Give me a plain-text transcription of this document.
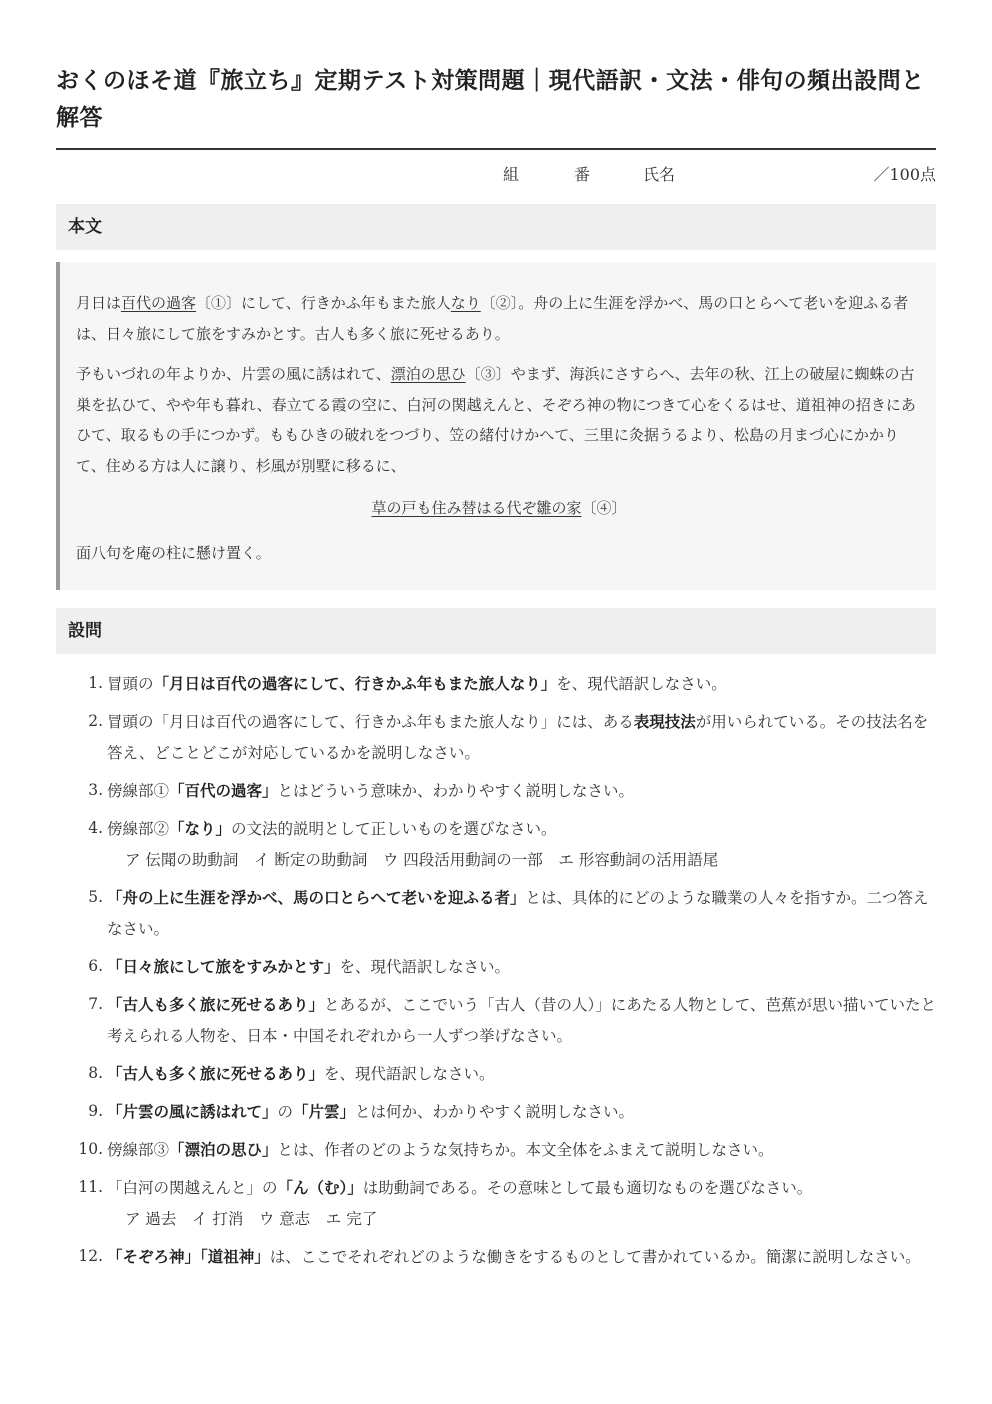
おくのほそ道『旅立ち』定期テスト対策問題｜現代語訳・文法・俳句の頻出設問と解答
組	番	氏名	／100点
本文

月日は百代の過客〔①〕にして、行きかふ年もまた旅人なり〔②〕。舟の上に生涯を浮かべ、馬の口とらへて老いを迎ふる者は、日々旅にして旅をすみかとす。古人も多く旅に死せるあり。

予もいづれの年よりか、片雲の風に誘はれて、漂泊の思ひ〔③〕やまず、海浜にさすらへ、去年の秋、江上の破屋に蜘蛛の古巣を払ひて、やや年も暮れ、春立てる霞の空に、白河の関越えんと、そぞろ神の物につきて心をくるはせ、道祖神の招きにあひて、取るもの手につかず。ももひきの破れをつづり、笠の緒付けかへて、三里に灸据うるより、松島の月まづ心にかかりて、住める方は人に譲り、杉風が別墅に移るに、

草の戸も住み替はる代ぞ雛の家〔④〕

面八句を庵の柱に懸け置く。

設問
1. 冒頭の「月日は百代の過客にして、行きかふ年もまた旅人なり」を、現代語訳しなさい。
2. 冒頭の「月日は百代の過客にして、行きかふ年もまた旅人なり」には、ある表現技法が用いられている。その技法名を答え、どことどこが対応しているかを説明しなさい。
3. 傍線部①「百代の過客」とはどういう意味か、わかりやすく説明しなさい。
4. 傍線部②「なり」の文法的説明として正しいものを選びなさい。
ア 伝聞の助動詞　イ 断定の助動詞　ウ 四段活用動詞の一部　エ 形容動詞の活用語尾
5. 「舟の上に生涯を浮かべ、馬の口とらへて老いを迎ふる者」とは、具体的にどのような職業の人々を指すか。二つ答えなさい。
6. 「日々旅にして旅をすみかとす」を、現代語訳しなさい。
7. 「古人も多く旅に死せるあり」とあるが、ここでいう「古人（昔の人）」にあたる人物として、芭蕉が思い描いていたと考えられる人物を、日本・中国それぞれから一人ずつ挙げなさい。
8. 「古人も多く旅に死せるあり」を、現代語訳しなさい。
9. 「片雲の風に誘はれて」の「片雲」とは何か、わかりやすく説明しなさい。
10. 傍線部③「漂泊の思ひ」とは、作者のどのような気持ちか。本文全体をふまえて説明しなさい。
11. 「白河の関越えんと」の「ん（む）」は助動詞である。その意味として最も適切なものを選びなさい。
ア 過去　イ 打消　ウ 意志　エ 完了
12. 「そぞろ神」「道祖神」は、ここでそれぞれどのような働きをするものとして書かれているか。簡潔に説明しなさい。
